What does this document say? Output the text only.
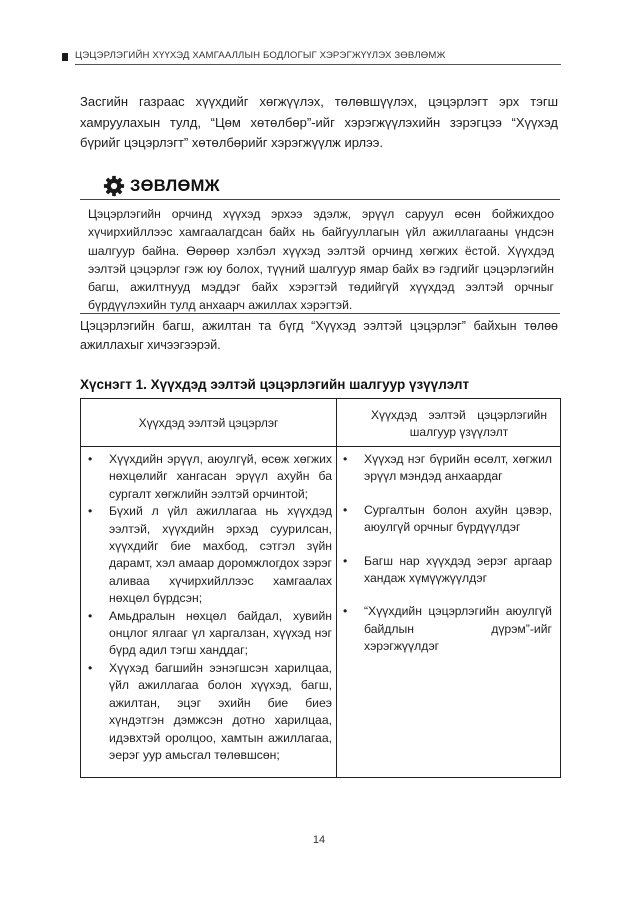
ЦЭЦЭРЛЭГИЙН ХҮҮХЭД ХАМГААЛЛЫН БОДЛОГЫГ ХЭРЭГЖҮҮЛЭХ ЗӨВЛӨМЖ

Засгийн газраас хүүхдийг хөгжүүлэх, төлөвшүүлэх, цэцэрлэгт эрх тэгш хамруулахын тулд, “Цөм хөтөлбөр”-ийг хэрэгжүүлэхийн зэрэгцээ “Хүүхэд бүрийг цэцэрлэгт” хөтөлбөрийг хэрэгжүүлж ирлээ.

ЗӨВЛӨМЖ

Цэцэрлэгийн орчинд хүүхэд эрхээ эдэлж, эрүүл саруул өсөн бойжихдоо хүчирхийллээс хамгаалагдсан байх нь байгууллагын үйл ажиллагааны үндсэн шалгуур байна. Өөрөөр хэлбэл хүүхэд ээлтэй орчинд хөгжих ёстой. Хүүхдэд ээлтэй цэцэрлэг гэж юу болох, түүний шалгуур ямар байх вэ гэдгийг цэцэрлэгийн багш, ажилтнууд мэддэг байх хэрэгтэй төдийгүй хүүхдэд ээлтэй орчныг бүрдүүлэхийн тулд анхаарч ажиллах хэрэгтэй.

Цэцэрлэгийн багш, ажилтан та бүгд “Хүүхэд ээлтэй цэцэрлэг” байхын төлөө ажиллахыг хичээгээрэй.

Хүснэгт 1. Хүүхдэд ээлтэй цэцэрлэгийн шалгуур үзүүлэлт
Хүүхдэд ээлтэй цэцэрлэг
Хүүхдэд ээлтэй цэцэрлэгийн
шалгуур үзүүлэлт
• Хүүхдийн эрүүл, аюулгүй, өсөж хөгжих нөхцөлийг хангасан эрүүл ахуйн ба сургалт хөгжлийн ээлтэй орчинтой;
• Бүхий л үйл ажиллагаа нь хүүхдэд ээлтэй, хүүхдийн эрхэд суурилсан, хүүхдийг бие махбод, сэтгэл зүйн дарамт, хэл амаар доромжлогдох зэрэг аливаа хүчирхийллээс хамгаалах нөхцөл бүрдсэн;
• Амьдралын нөхцөл байдал, хувийн онцлог ялгааг үл харгалзан, хүүхэд нэг бүрд адил тэгш ханддаг;
• Хүүхэд багшийн ээнэгшсэн харилцаа, үйл ажиллагаа болон хүүхэд, багш, ажилтан, эцэг эхийн бие биеэ хүндэтгэн дэмжсэн дотно харилцаа, идэвхтэй оролцоо, хамтын ажиллагаа, эерэг уур амьсгал төлөвшсөн;
• Хүүхэд нэг бүрийн өсөлт, хөгжил эрүүл мэндэд анхаардаг
• Сургалтын болон ахуйн цэвэр, аюулгүй орчныг бүрдүүлдэг
• Багш нар хүүхдэд эерэг аргаар хандаж хүмүүжүүлдэг
• “Хүүхдийн цэцэрлэгийн аюулгүй байдлын дүрэм”-ийг хэрэгжүүлдэг
14
